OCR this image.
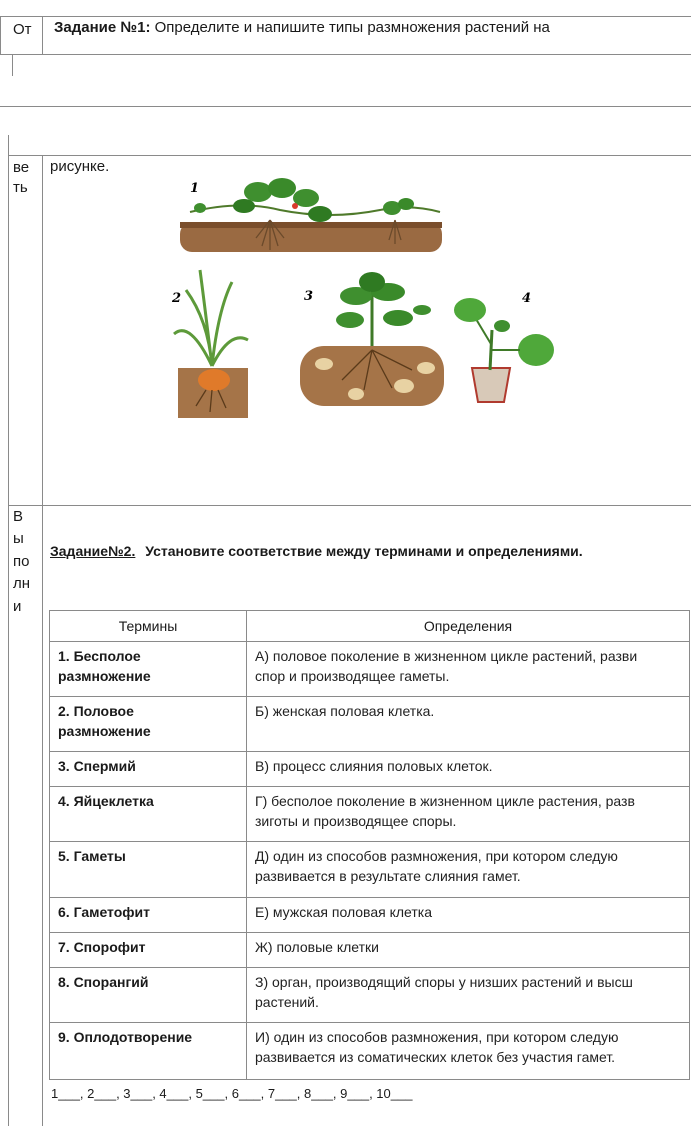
От Задание №1: Определите и напишите типы размножения растений на
ве
ть
рисунке.
1
2	3	4
В
ы
по
лн
и
Задание№2. Установите соответствие между терминами и определениями.
Термины	Определения
1. Бесполое
размножение	А) половое поколение в жизненном цикле растений, разви
спор и производящее гаметы.
2. Половое
размножение	Б) женская половая клетка.
3. Спермий	В) процесс слияния половых клеток.
4. Яйцеклетка	Г) бесполое поколение в жизненном цикле растения, разв
зиготы и производящее споры.
5. Гаметы	Д) один из способов размножения, при котором следую
развивается в результате слияния гамет.
6. Гаметофит	Е) мужская половая клетка
7. Спорофит	Ж) половые клетки
8. Спорангий	З) орган, производящий споры у низших растений и высш
растений.
9. Оплодотворение	И) один из способов размножения, при котором следую
развивается из соматических клеток без участия гамет.
1___, 2___, 3___, 4___, 5___, 6___, 7___, 8___, 9___, 10___
